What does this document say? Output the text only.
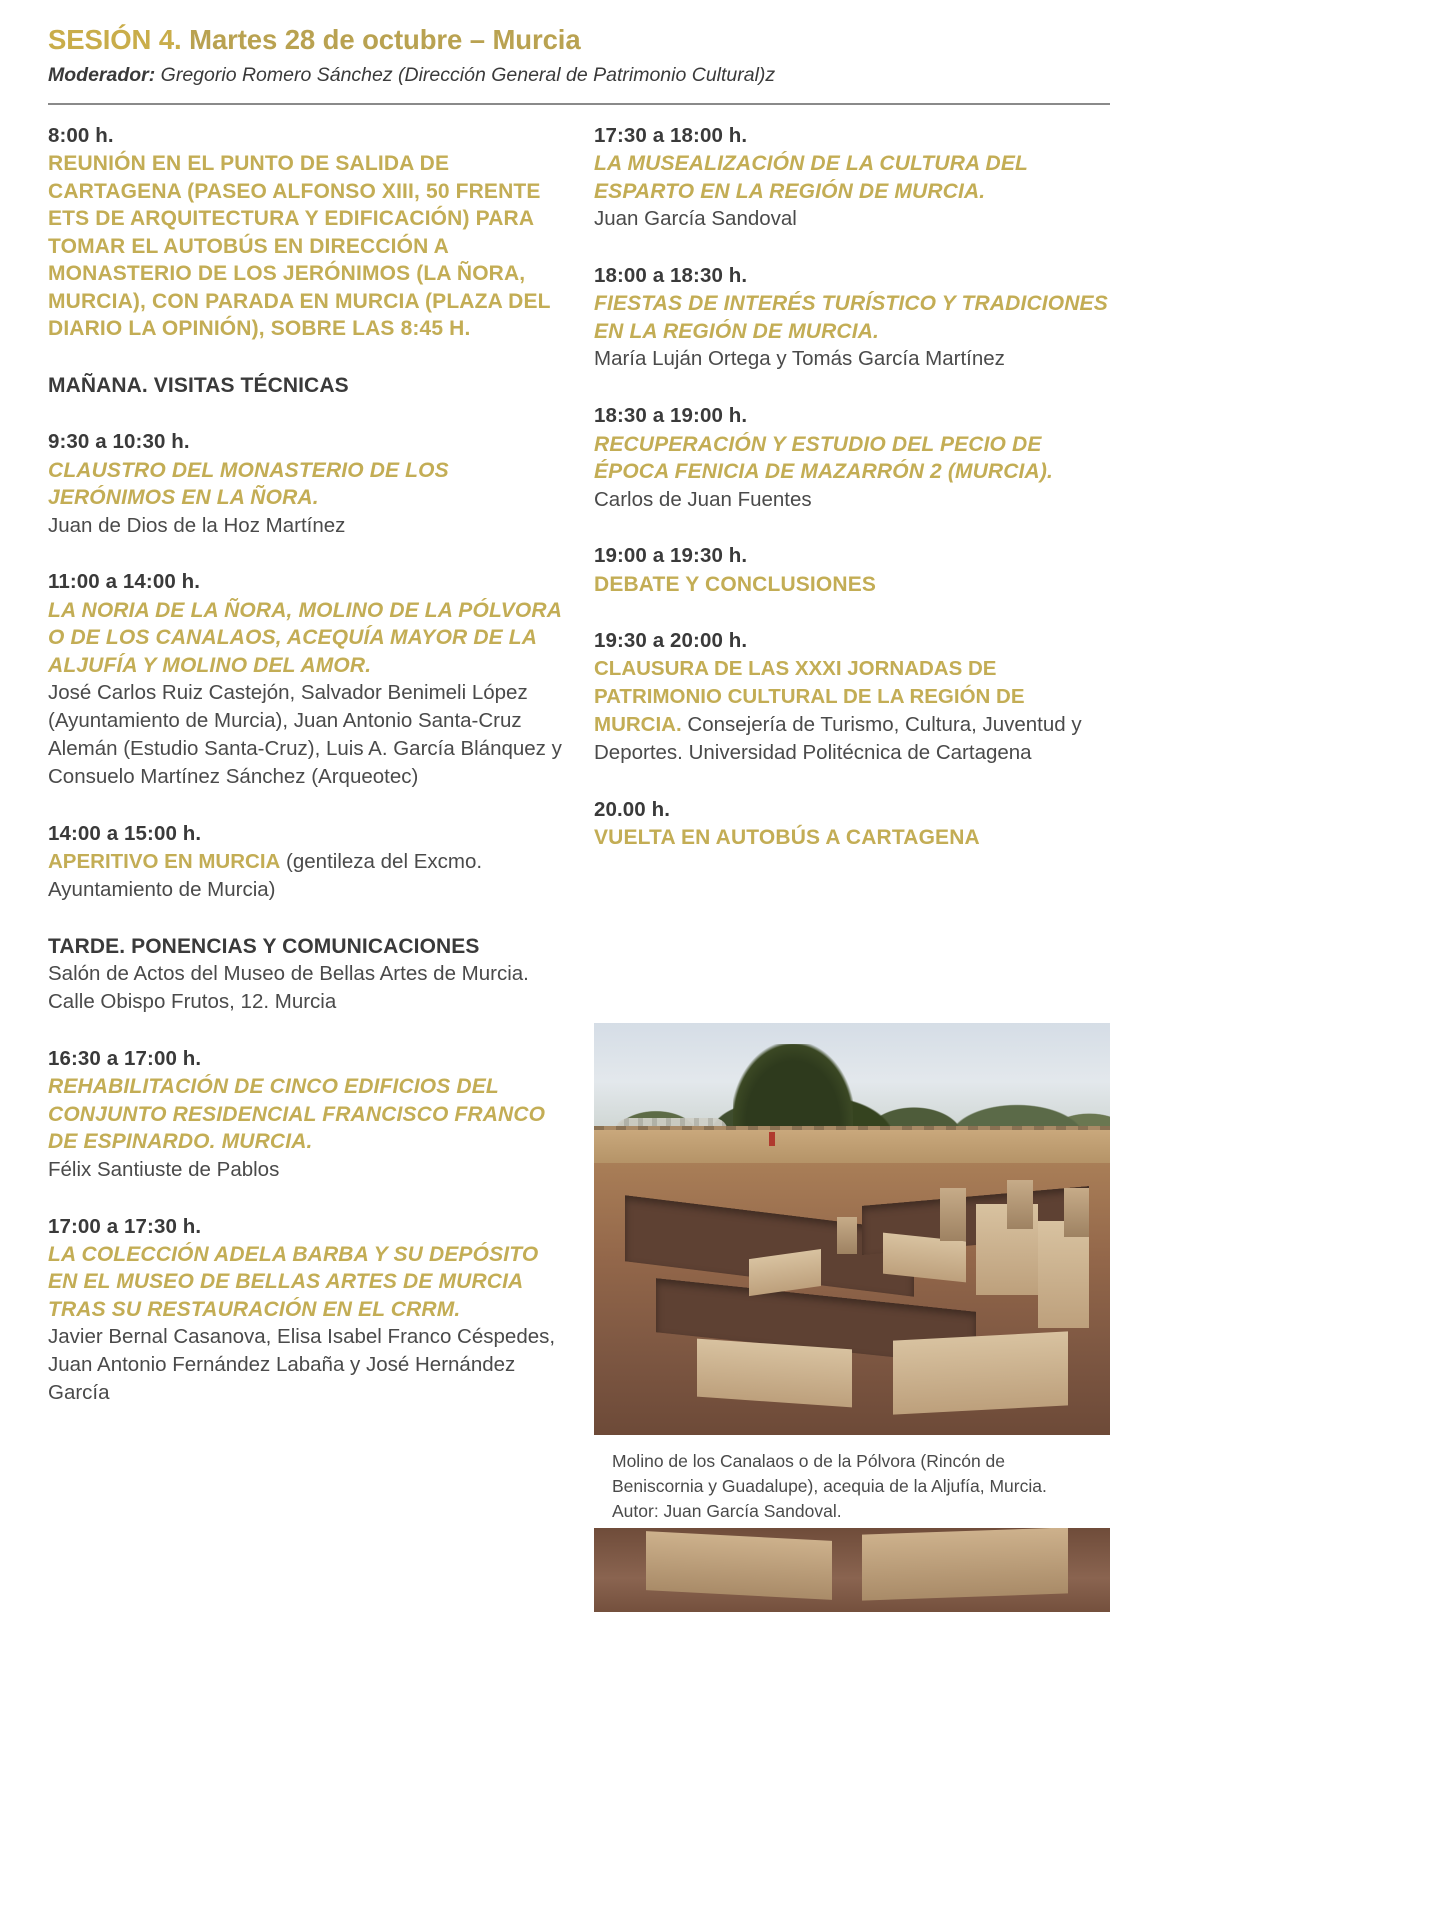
SESIÓN 4. Martes 28 de octubre – Murcia

Moderador: Gregorio Romero Sánchez (Dirección General de Patrimonio Cultural)z

8:00 h.

REUNIÓN EN EL PUNTO DE SALIDA DE CARTAGENA (PASEO ALFONSO XIII, 50 FRENTE ETS DE ARQUITECTURA Y EDIFICACIÓN) PARA TOMAR EL AUTOBÚS EN DIRECCIÓN A MONASTERIO DE LOS JERÓNIMOS (LA ÑORA, MURCIA), CON PARADA EN MURCIA (PLAZA DEL DIARIO LA OPINIÓN), SOBRE LAS 8:45 H.

MAÑANA. VISITAS TÉCNICAS

9:30 a 10:30 h.

CLAUSTRO DEL MONASTERIO DE LOS JERÓNIMOS EN LA ÑORA.

Juan de Dios de la Hoz Martínez

11:00 a 14:00 h.

LA NORIA DE LA ÑORA, MOLINO DE LA PÓLVORA O DE LOS CANALAOS, ACEQUÍA MAYOR DE LA ALJUFÍA Y MOLINO DEL AMOR.

José Carlos Ruiz Castejón, Salvador Benimeli López (Ayuntamiento de Murcia), Juan Antonio Santa-Cruz Alemán (Estudio Santa-Cruz), Luis A. García Blánquez y Consuelo Martínez Sánchez (Arqueotec)

14:00 a 15:00 h.

APERITIVO EN MURCIA (gentileza del Excmo. Ayuntamiento de Murcia)

TARDE. PONENCIAS Y COMUNICACIONES

Salón de Actos del Museo de Bellas Artes de Murcia. Calle Obispo Frutos, 12. Murcia

16:30 a 17:00 h.

REHABILITACIÓN DE CINCO EDIFICIOS DEL CONJUNTO RESIDENCIAL FRANCISCO FRANCO DE ESPINARDO. MURCIA.

Félix Santiuste de Pablos

17:00 a 17:30 h.

LA COLECCIÓN ADELA BARBA Y SU DEPÓSITO EN EL MUSEO DE BELLAS ARTES DE MURCIA TRAS SU RESTAURACIÓN EN EL CRRM.

Javier Bernal Casanova, Elisa Isabel Franco Céspedes, Juan Antonio Fernández Labaña y José Hernández García

17:30 a 18:00 h.

LA MUSEALIZACIÓN DE LA CULTURA DEL ESPARTO EN LA REGIÓN DE MURCIA.

Juan García Sandoval

18:00 a 18:30 h.

FIESTAS DE INTERÉS TURÍSTICO Y TRADICIONES EN LA REGIÓN DE MURCIA.

María Luján Ortega y Tomás García Martínez

18:30 a 19:00 h.

RECUPERACIÓN Y ESTUDIO DEL PECIO DE ÉPOCA FENICIA DE MAZARRÓN 2 (MURCIA).

Carlos de Juan Fuentes

19:00 a 19:30 h.

DEBATE Y CONCLUSIONES

19:30 a 20:00 h.

CLAUSURA DE LAS XXXI JORNADAS DE PATRIMONIO CULTURAL DE LA REGIÓN DE MURCIA. Consejería de Turismo, Cultura, Juventud y Deportes. Universidad Politécnica de Cartagena

20.00 h.

VUELTA EN AUTOBÚS A CARTAGENA

Molino de los Canalaos o de la Pólvora (Rincón de Beniscornia y Guadalupe), acequia de la Aljufía, Murcia. Autor: Juan García Sandoval.
